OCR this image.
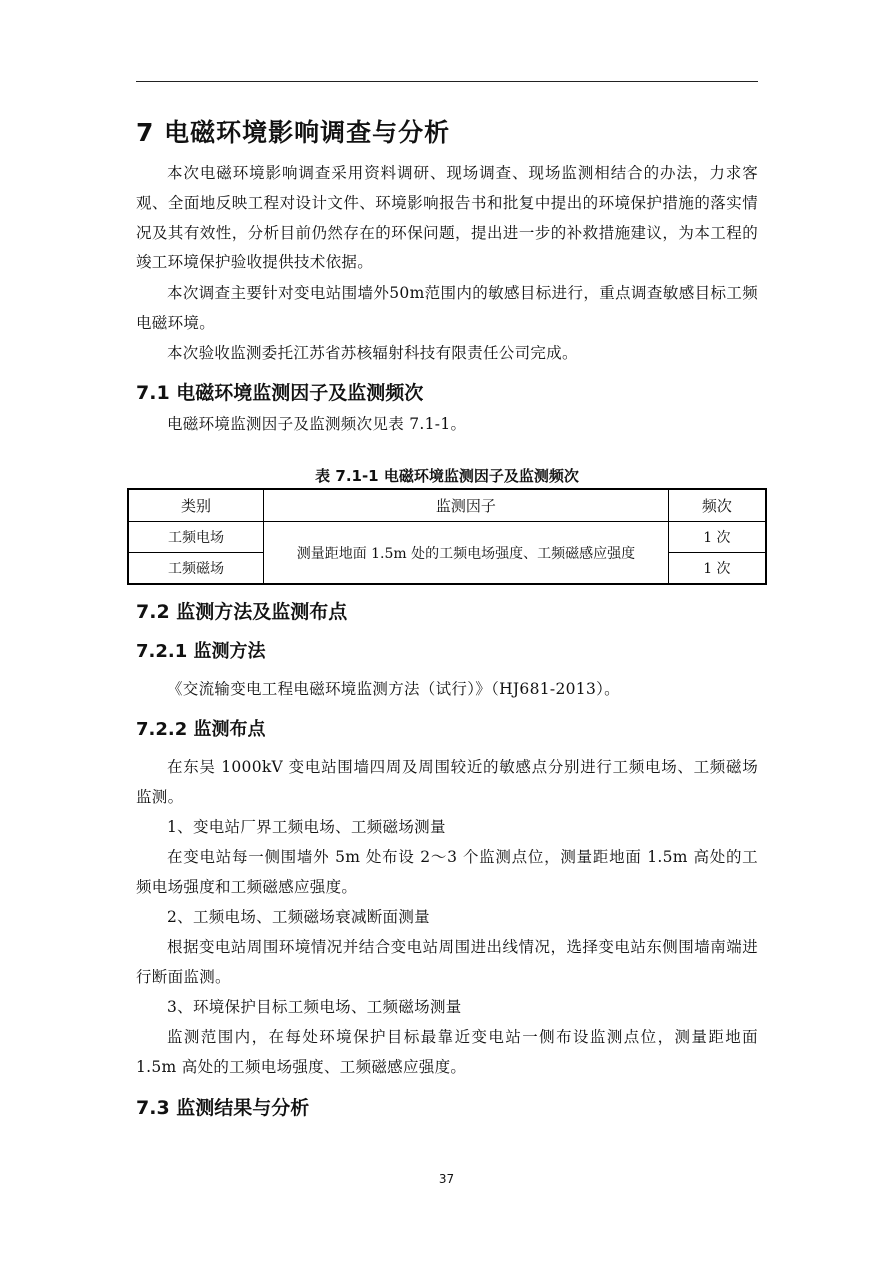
7 电磁环境影响调查与分析
本次电磁环境影响调查采用资料调研、现场调查、现场监测相结合的办法，力求客观、全面地反映工程对设计文件、环境影响报告书和批复中提出的环境保护措施的落实情况及其有效性，分析目前仍然存在的环保问题，提出进一步的补救措施建议，为本工程的竣工环境保护验收提供技术依据。
本次调查主要针对变电站围墙外50m范围内的敏感目标进行，重点调查敏感目标工频电磁环境。
本次验收监测委托江苏省苏核辐射科技有限责任公司完成。
7.1 电磁环境监测因子及监测频次
电磁环境监测因子及监测频次见表 7.1-1。
表 7.1-1 电磁环境监测因子及监测频次
类别	监测因子	频次
工频电场	测量距地面 1.5m 处的工频电场强度、工频磁感应强度	1 次
工频磁场		1 次
7.2 监测方法及监测布点
7.2.1 监测方法
《交流输变电工程电磁环境监测方法（试行）》（HJ681-2013）。
7.2.2 监测布点
在东吴 1000kV 变电站围墙四周及周围较近的敏感点分别进行工频电场、工频磁场监测。
1、变电站厂界工频电场、工频磁场测量
在变电站每一侧围墙外 5m 处布设 2～3 个监测点位，测量距地面 1.5m 高处的工频电场强度和工频磁感应强度。
2、工频电场、工频磁场衰减断面测量
根据变电站周围环境情况并结合变电站周围进出线情况，选择变电站东侧围墙南端进行断面监测。
3、环境保护目标工频电场、工频磁场测量
监测范围内，在每处环境保护目标最靠近变电站一侧布设监测点位，测量距地面 1.5m 高处的工频电场强度、工频磁感应强度。
7.3 监测结果与分析
37
